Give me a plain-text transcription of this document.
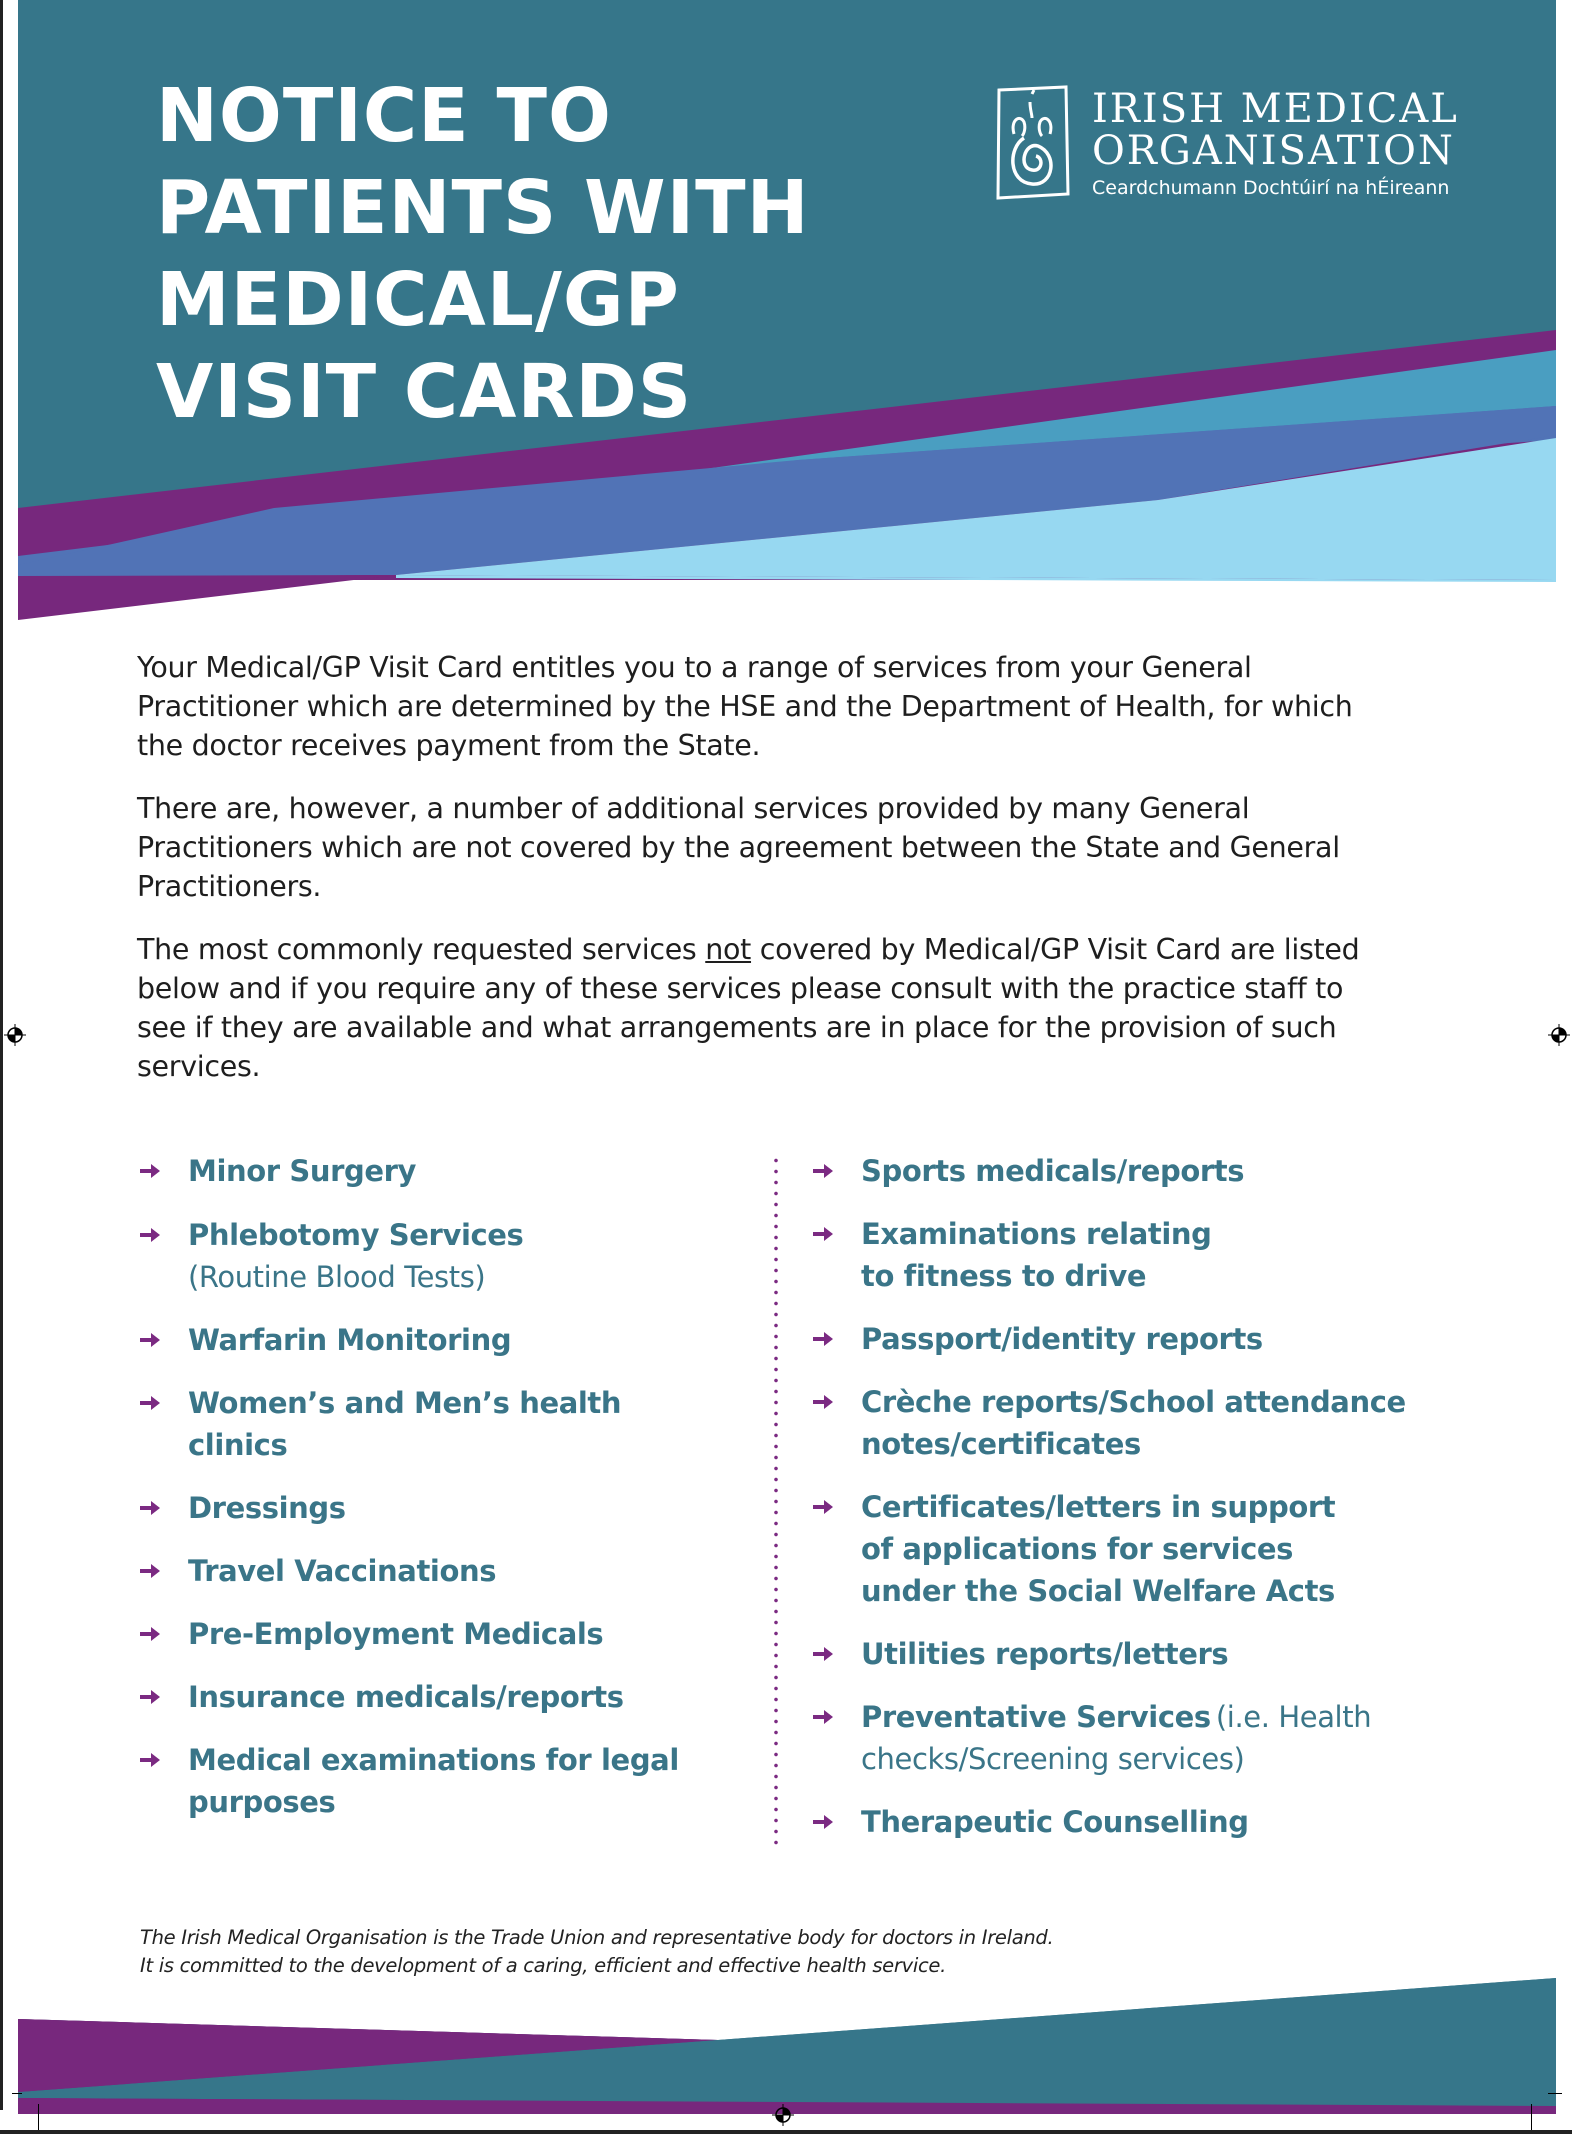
NOTICE TO
PATIENTS WITH
MEDICAL/GP
VISIT CARDS
IRISH MEDICAL
ORGANISATION
Ceardchumann Dochtúirí na hÉireann

Your Medical/GP Visit Card entitles you to a range of services from your General Practitioner which are determined by the HSE and the Department of Health, for which the doctor receives payment from the State.

There are, however, a number of additional services provided by many General Practitioners which are not covered by the agreement between the State and General Practitioners.

The most commonly requested services not covered by Medical/GP Visit Card are listed below and if you require any of these services please consult with the practice staff to see if they are available and what arrangements are in place for the provision of such services.

Minor Surgery
Phlebotomy Services
(Routine Blood Tests)
Warfarin Monitoring
Women’s and Men’s health clinics
Dressings
Travel Vaccinations
Pre-Employment Medicals
Insurance medicals/reports
Medical examinations for legal purposes
Sports medicals/reports
Examinations relating to fitness to drive
Passport/identity reports
Crèche reports/School attendance notes/certificates
Certificates/letters in support of applications for services under the Social Welfare Acts
Utilities reports/letters
Preventative Services (i.e. Health checks/Screening services)
Therapeutic Counselling
The Irish Medical Organisation is the Trade Union and representative body for doctors in Ireland.
It is committed to the development of a caring, efficient and effective health service.
